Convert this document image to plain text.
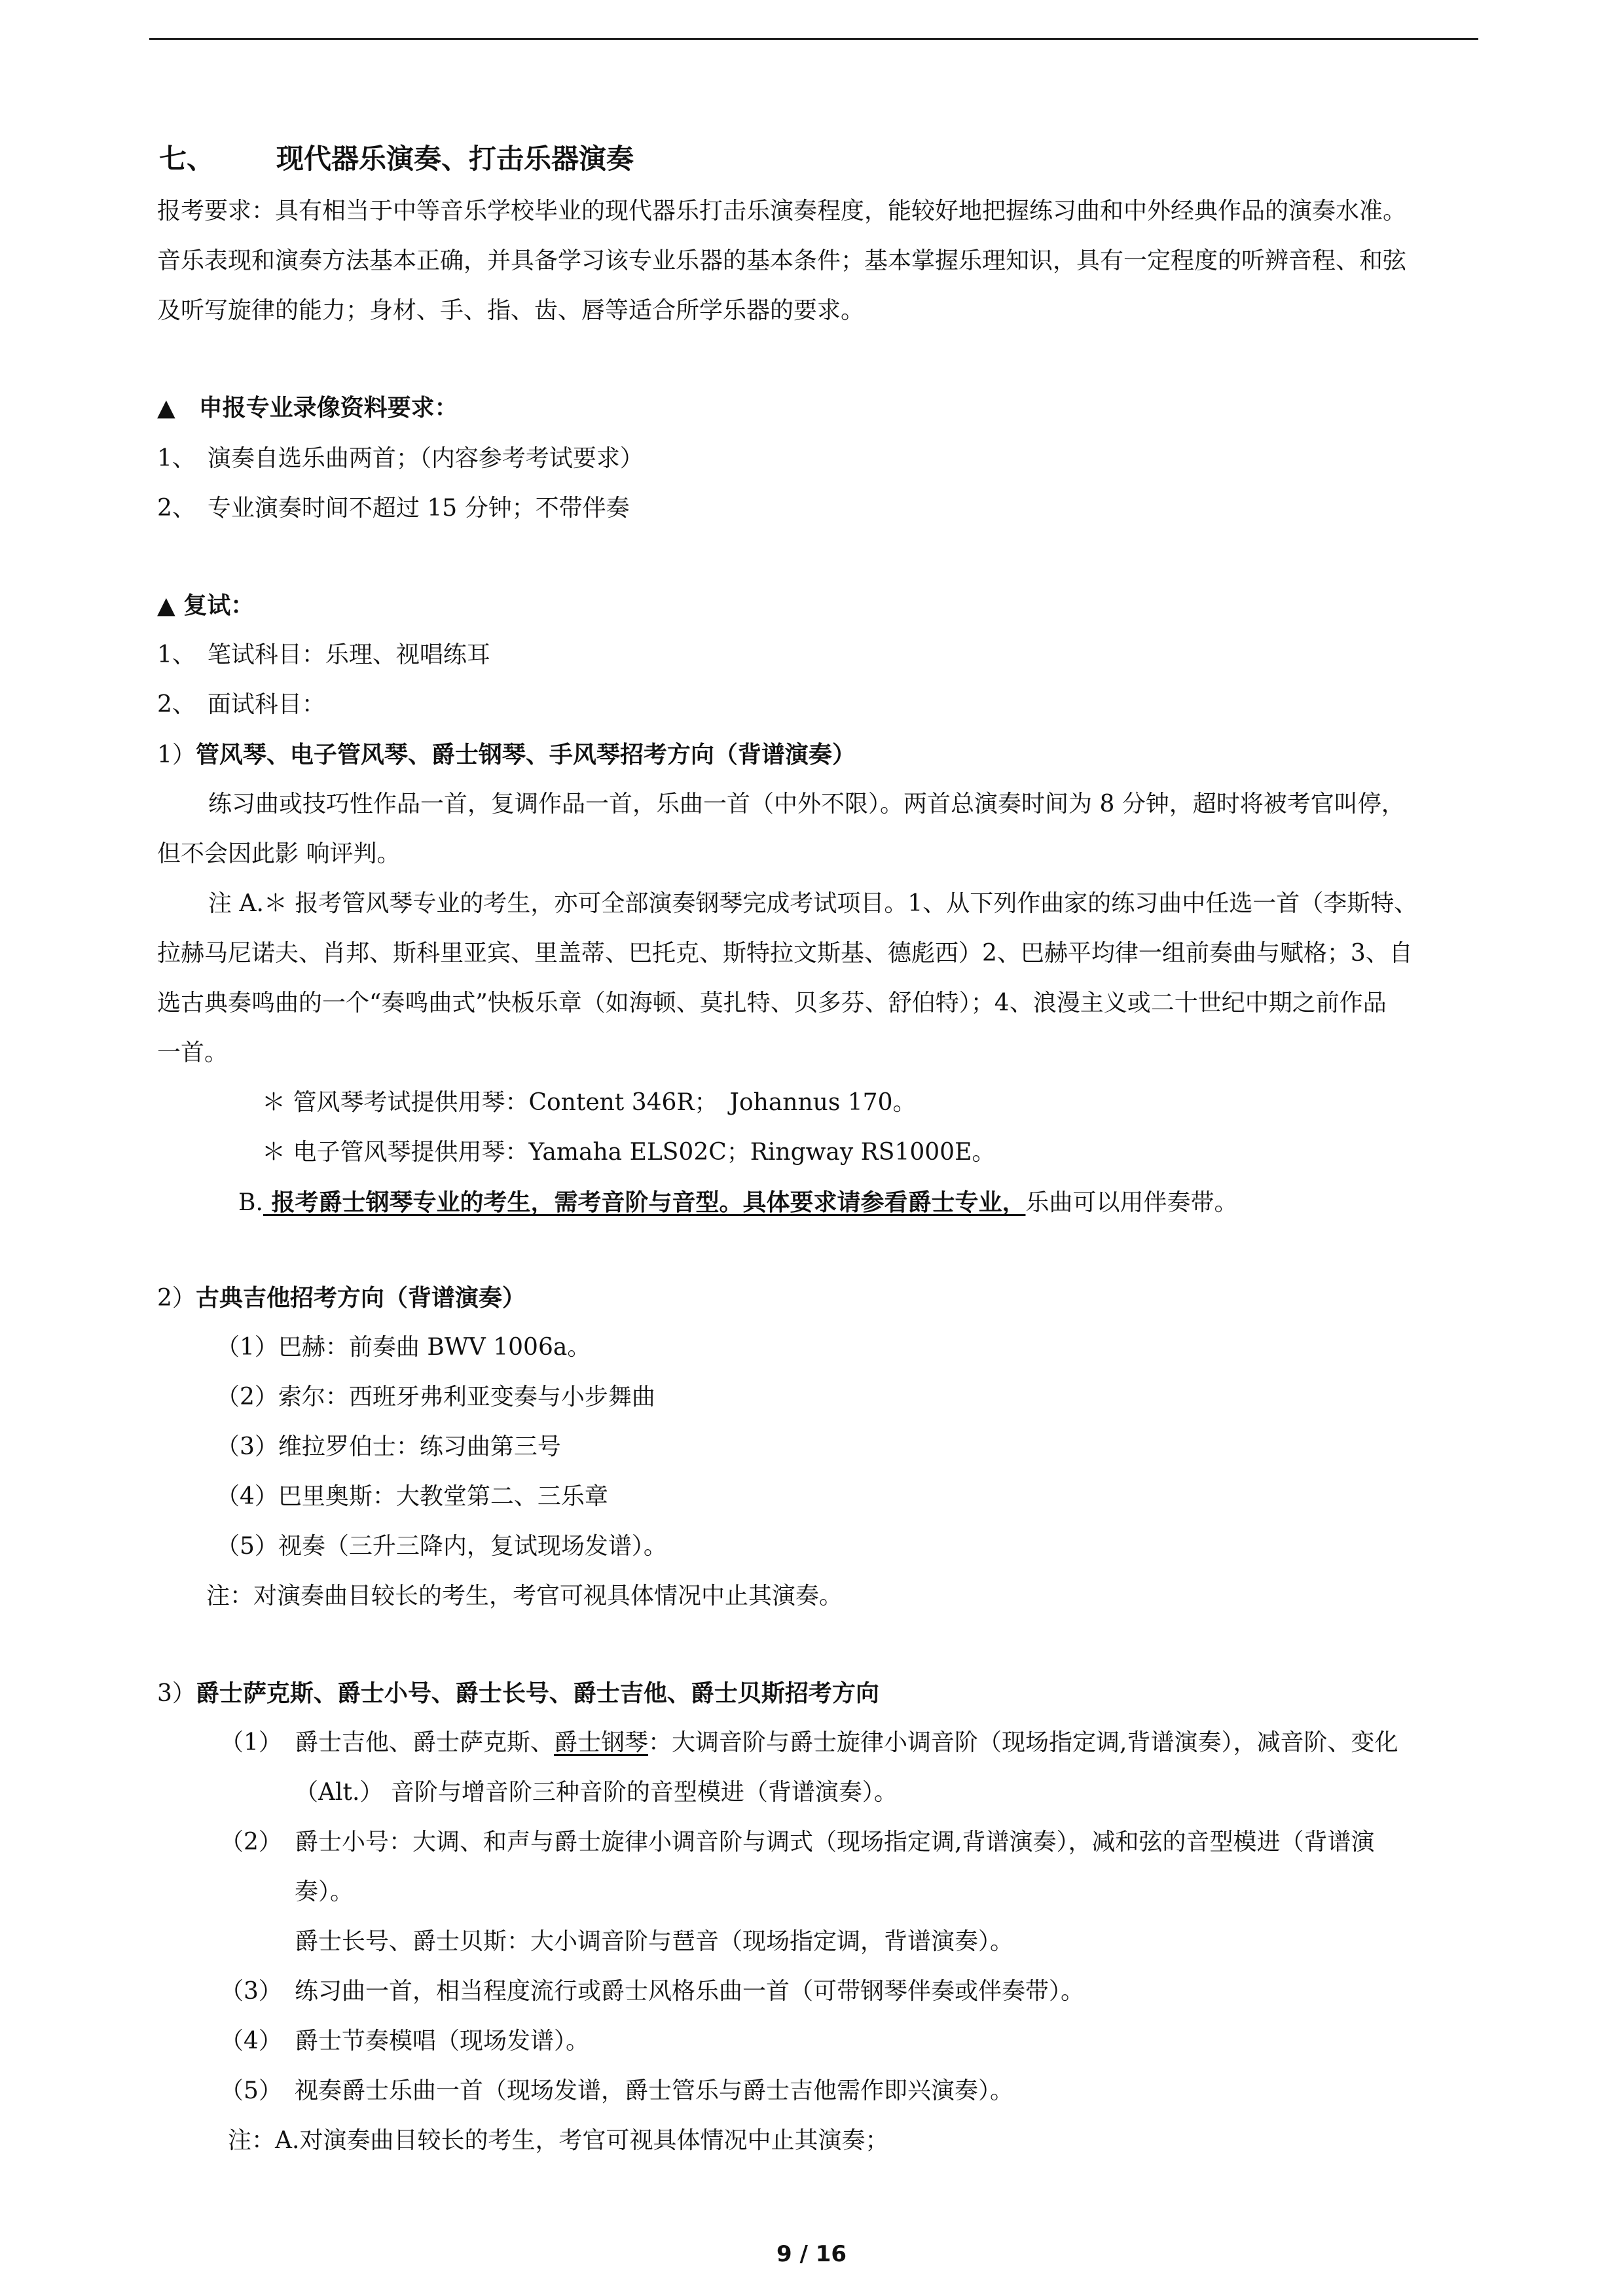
七、 现代器乐演奏、打击乐器演奏
报考要求：具有相当于中等音乐学校毕业的现代器乐打击乐演奏程度，能较好地把握练习曲和中外经典作品的演奏水准。
音乐表现和演奏方法基本正确，并具备学习该专业乐器的基本条件；基本掌握乐理知识，具有一定程度的听辨音程、和弦
及听写旋律的能力；身材、手、指、齿、唇等适合所学乐器的要求。
▲　申报专业录像资料要求：
1、　演奏自选乐曲两首；（内容参考考试要求）
2、　专业演奏时间不超过 15 分钟；不带伴奏
▲ 复试：
1、　笔试科目：乐理、视唱练耳
2、　面试科目：
1）管风琴、电子管风琴、爵士钢琴、手风琴招考方向（背谱演奏）
练习曲或技巧性作品一首，复调作品一首，乐曲一首（中外不限）。两首总演奏时间为 8 分钟，超时将被考官叫停，
但不会因此影 响评判。
注 A.＊ 报考管风琴专业的考生，亦可全部演奏钢琴完成考试项目。1、从下列作曲家的练习曲中任选一首（李斯特、
拉赫马尼诺夫、肖邦、斯科里亚宾、里盖蒂、巴托克、斯特拉文斯基、德彪西）2、巴赫平均律一组前奏曲与赋格；3、自
选古典奏鸣曲的一个“奏鸣曲式”快板乐章（如海顿、莫扎特、贝多芬、舒伯特）；4、浪漫主义或二十世纪中期之前作品
一首。
＊ 管风琴考试提供用琴：Content 346R；　Johannus 170。
＊ 电子管风琴提供用琴：Yamaha ELS02C；Ringway RS1000E。
B. 报考爵士钢琴专业的考生，需考音阶与音型。具体要求请参看爵士专业，乐曲可以用伴奏带。
2）古典吉他招考方向（背谱演奏）
（1）巴赫：前奏曲 BWV 1006a。
（2）索尔：西班牙弗利亚变奏与小步舞曲
（3）维拉罗伯士：练习曲第三号
（4）巴里奥斯：大教堂第二、三乐章
（5）视奏（三升三降内，复试现场发谱）。
注：对演奏曲目较长的考生，考官可视具体情况中止其演奏。
3）爵士萨克斯、爵士小号、爵士长号、爵士吉他、爵士贝斯招考方向
（1） 爵士吉他、爵士萨克斯、爵士钢琴：大调音阶与爵士旋律小调音阶（现场指定调,背谱演奏），减音阶、变化
（Alt.） 音阶与增音阶三种音阶的音型模进（背谱演奏）。
（2） 爵士小号：大调、和声与爵士旋律小调音阶与调式（现场指定调,背谱演奏），减和弦的音型模进（背谱演
奏）。
爵士长号、爵士贝斯：大小调音阶与琶音（现场指定调，背谱演奏）。
（3） 练习曲一首，相当程度流行或爵士风格乐曲一首（可带钢琴伴奏或伴奏带）。
（4） 爵士节奏模唱（现场发谱）。
（5） 视奏爵士乐曲一首（现场发谱，爵士管乐与爵士吉他需作即兴演奏）。
注：A.对演奏曲目较长的考生，考官可视具体情况中止其演奏；
9 / 16
